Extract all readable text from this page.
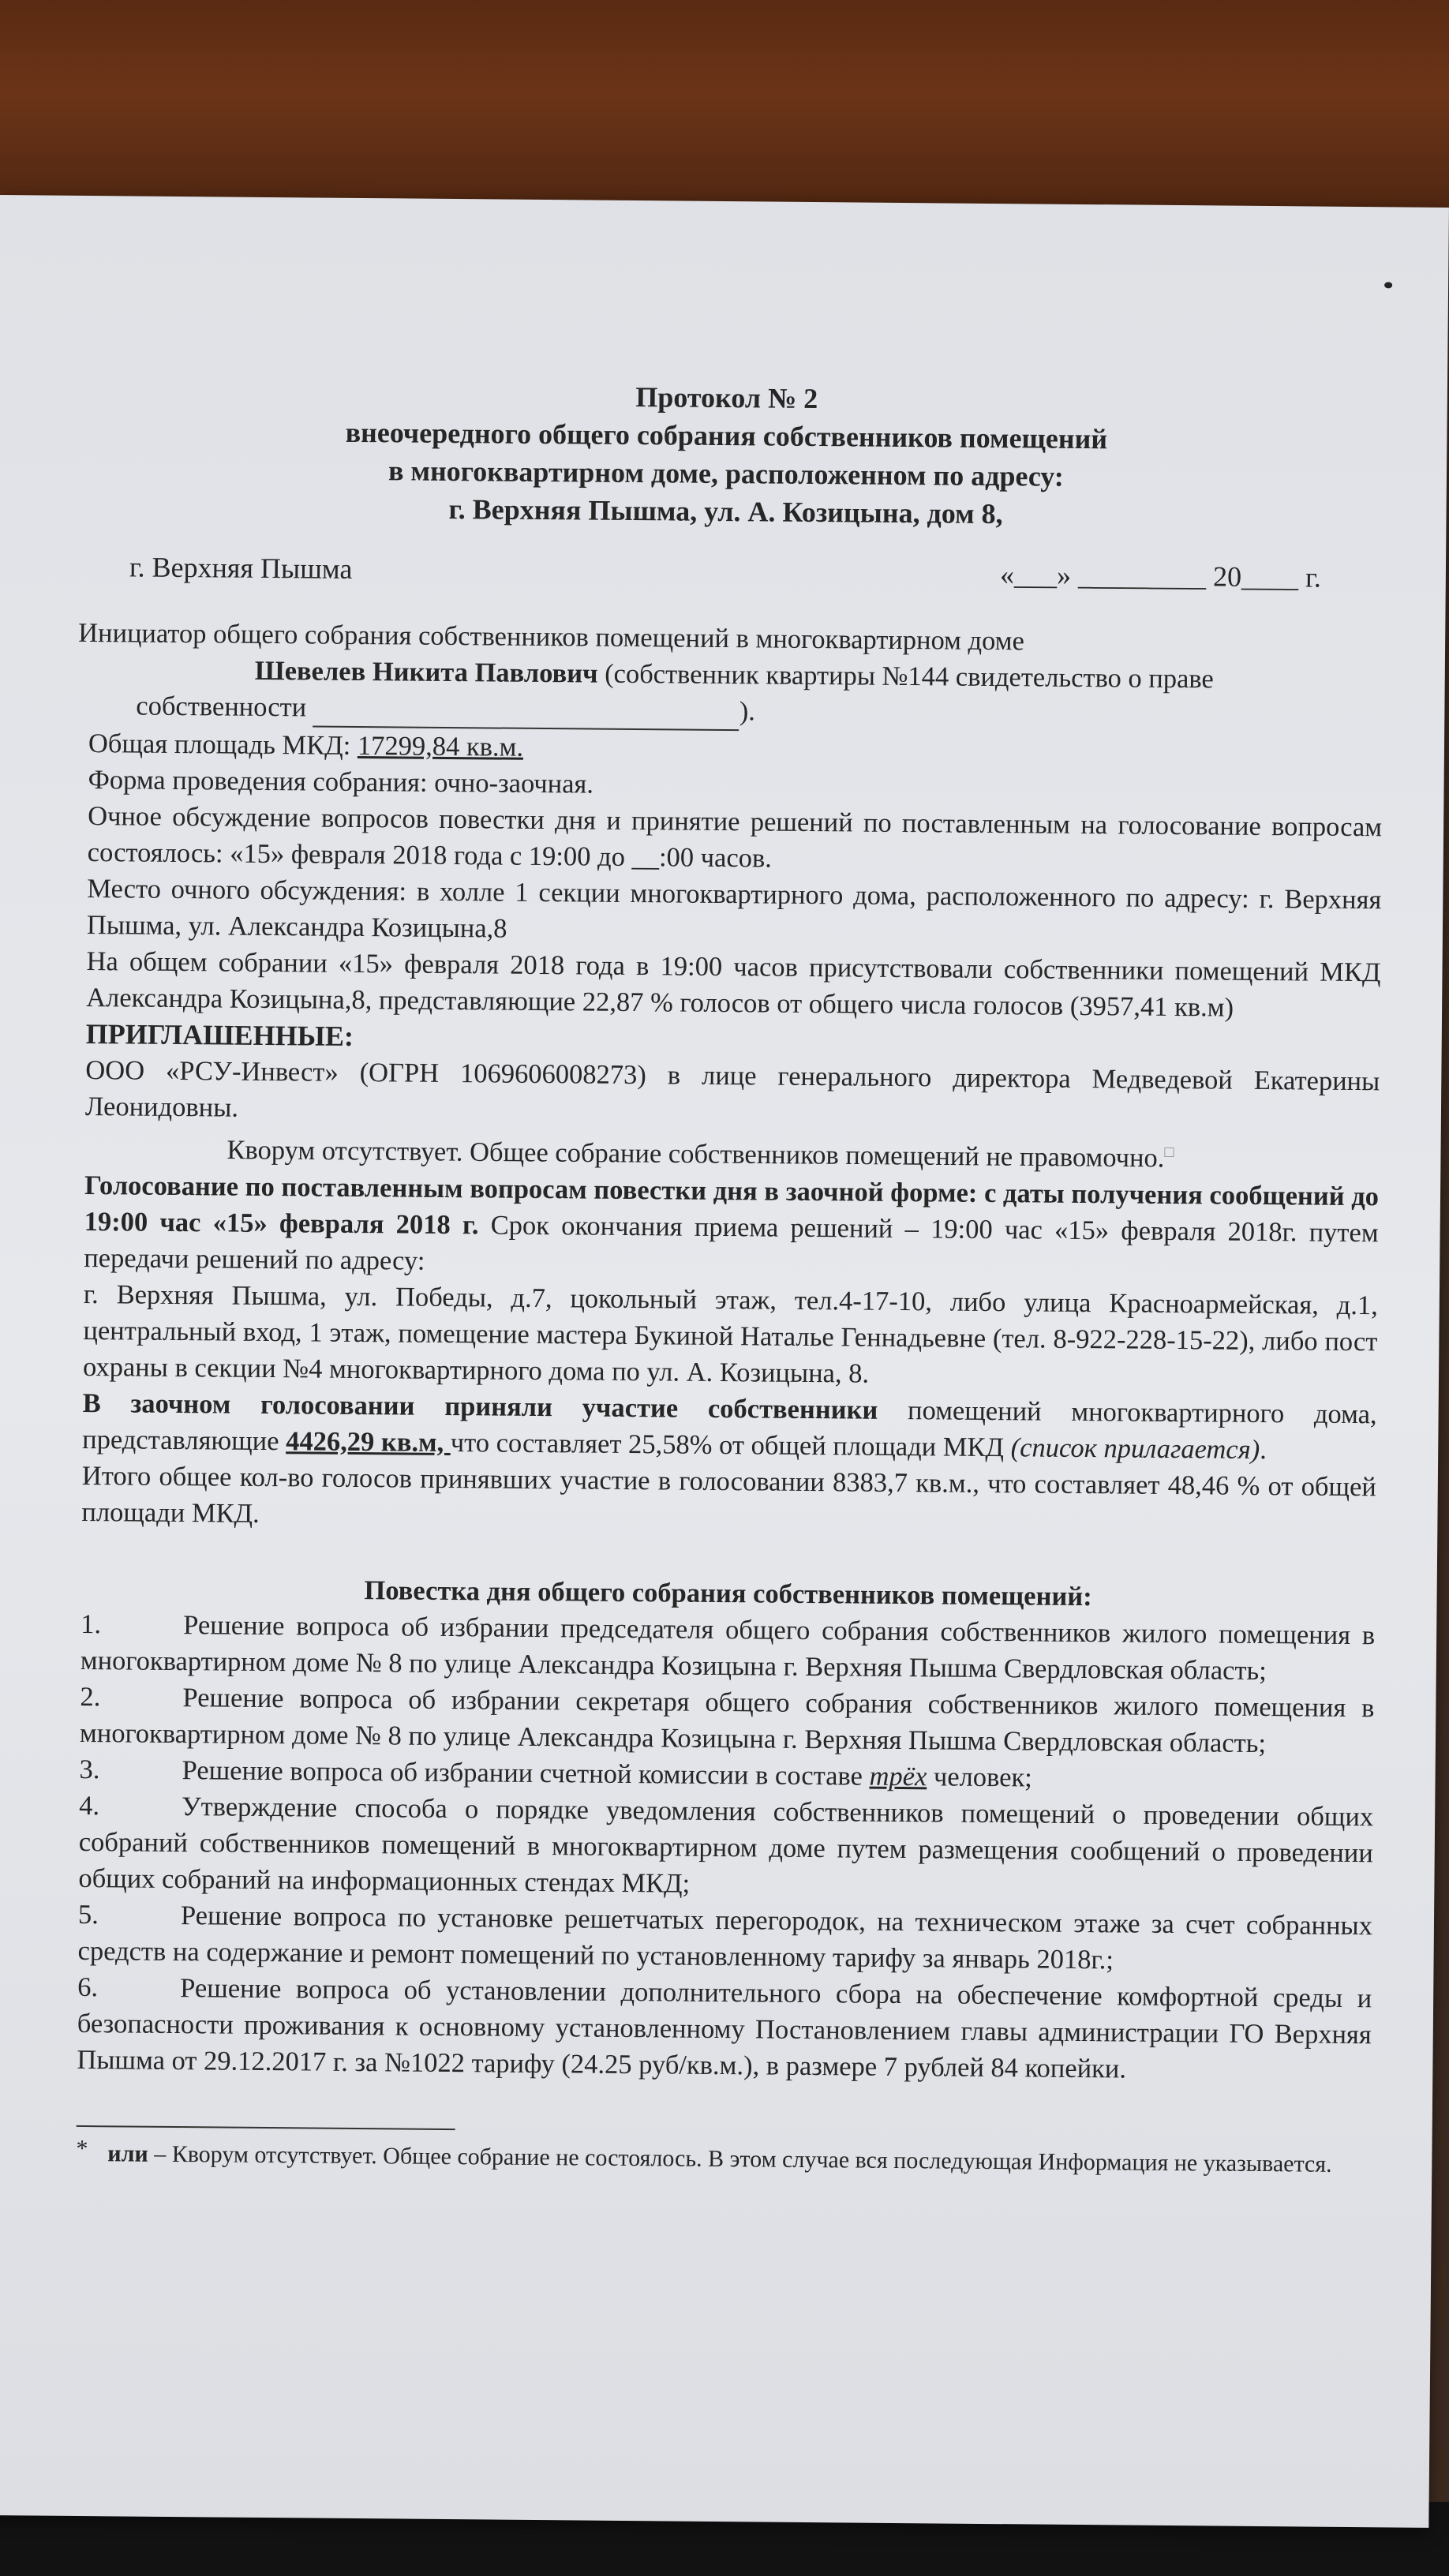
Протокол № 2
внеочередного общего собрания собственников помещений
в многоквартирном доме, расположенном по адресу:
г. Верхняя Пышма, ул. А. Козицына, дом 8,
г. Верхняя Пышма	«___» _________ 20____ г.

Инициатор общего собрания собственников помещений в многоквартирном доме

Шевелев Никита Павлович (собственник квартиры №144 свидетельство о праве

собственности	).

Общая площадь МКД: 17299,84 кв.м.

Форма проведения собрания: очно-заочная.

Очное обсуждение вопросов повестки дня и принятие решений по поставленным на голосование вопросам состоялось: «15» февраля 2018 года с 19:00 до __:00 часов.

Место очного обсуждения: в холле 1 секции многоквартирного дома, расположенного по адресу: г. Верхняя Пышма, ул. Александра Козицына,8

На общем собрании «15» февраля 2018 года в 19:00 часов присутствовали собственники помещений МКД Александра Козицына,8, представляющие 22,87 % голосов от общего числа голосов (3957,41 кв.м)

ПРИГЛАШЕННЫЕ:

ООО «РСУ-Инвест» (ОГРН 1069606008273) в лице генерального директора Медведевой Екатерины Леонидовны.

Кворум отсутствует. Общее собрание собственников помещений не правомочно.□

Голосование по поставленным вопросам повестки дня в заочной форме: с даты получения сообщений до 19:00 час «15» февраля 2018 г. Срок окончания приема решений – 19:00 час «15» февраля 2018г. путем передачи решений по адресу:

г. Верхняя Пышма, ул. Победы, д.7, цокольный этаж, тел.4-17-10, либо улица Красноармейская, д.1, центральный вход, 1 этаж, помещение мастера Букиной Наталье Геннадьевне (тел. 8-922-228-15-22), либо пост охраны в секции №4 многоквартирного дома по ул. А. Козицына, 8.

В заочном голосовании приняли участие собственники помещений многоквартирного дома, представляющие 4426,29 кв.м, что составляет 25,58% от общей площади МКД (список прилагается).

Итого общее кол-во голосов принявших участие в голосовании 8383,7 кв.м., что составляет 48,46 % от общей площади МКД.

Повестка дня общего собрания собственников помещений:

1.	Решение вопроса об избрании председателя общего собрания собственников жилого помещения в многоквартирном доме № 8 по улице Александра Козицына г. Верхняя Пышма Свердловская область;

2.	Решение вопроса об избрании секретаря общего собрания собственников жилого помещения в многоквартирном доме № 8 по улице Александра Козицына г. Верхняя Пышма Свердловская область;

3.	Решение вопроса об избрании счетной комиссии в составе трёх человек;

4.	Утверждение способа о порядке уведомления собственников помещений о проведении общих собраний собственников помещений в многоквартирном доме путем размещения сообщений о проведении общих собраний на информационных стендах МКД;

5.	Решение вопроса по установке решетчатых перегородок, на техническом этаже за счет собранных средств на содержание и ремонт помещений по установленному тарифу за январь 2018г.;

6.	Решение вопроса об установлении дополнительного сбора на обеспечение комфортной среды и безопасности проживания к основному установленному Постановлением главы администрации ГО Верхняя Пышма от 29.12.2017 г. за №1022 тарифу (24.25 руб/кв.м.), в размере 7 рублей 84 копейки.

* или – Кворум отсутствует. Общее собрание не состоялось. В этом случае вся последующая Информация не указывается.
